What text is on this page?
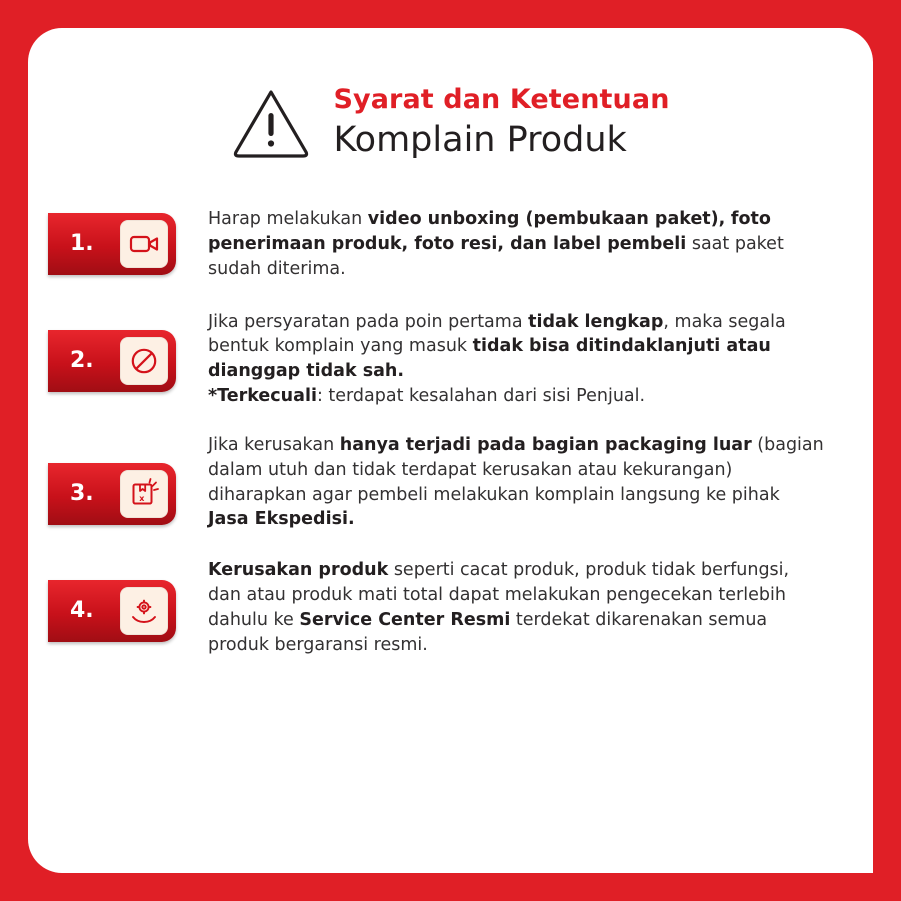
Syarat dan Ketentuan
Komplain Produk
1.
Harap melakukan video unboxing (pembukaan paket), foto penerimaan produk, foto resi, dan label pembeli saat paket sudah diterima.
2.
Jika persyaratan pada poin pertama tidak lengkap, maka segala bentuk komplain yang masuk tidak bisa ditindaklanjuti atau dianggap tidak sah.
*Terkecuali: terdapat kesalahan dari sisi Penjual.
3.	x
Jika kerusakan hanya terjadi pada bagian packaging luar (bagian dalam utuh dan tidak terdapat kerusakan atau kekurangan) diharapkan agar pembeli melakukan komplain langsung ke pihak Jasa Ekspedisi.
4.
Kerusakan produk seperti cacat produk, produk tidak berfungsi, dan atau produk mati total dapat melakukan pengecekan terlebih dahulu ke Service Center Resmi terdekat dikarenakan semua produk bergaransi resmi.
